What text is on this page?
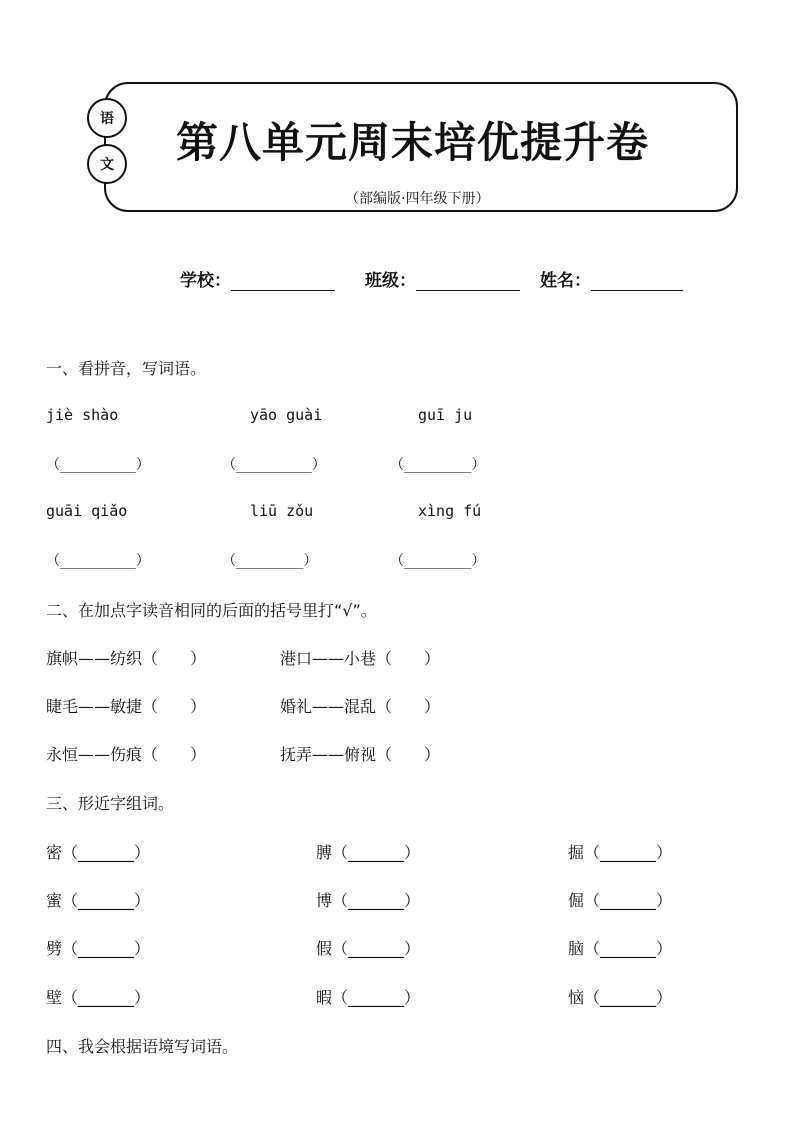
语
文	第八单元周末培优提升卷
（部编版·四年级下册）
学校：	班级：	姓名：
一、看拼音，写词语。
jiè shào	yāo guài	guī ju
（_________）	（_________）	（________）
guāi qiǎo	liū zǒu	xìng fú
（_________）	（________）	（________）
二、在加点字读音相同的后面的括号里打“√”。
旗帜——纺织（　　）	港口——小巷（　　）
睫毛——敏捷（　　）	婚礼——混乱（　　）
永恒——伤痕（　　）	抚弄——俯视（　　）
三、形近字组词。
密（_______）	膊（_______）	掘（_______）
蜜（_______）	博（_______）	倔（_______）
劈（_______）	假（_______）	脑（_______）
壁（_______）	暇（_______）	恼（_______）
四、我会根据语境写词语。
